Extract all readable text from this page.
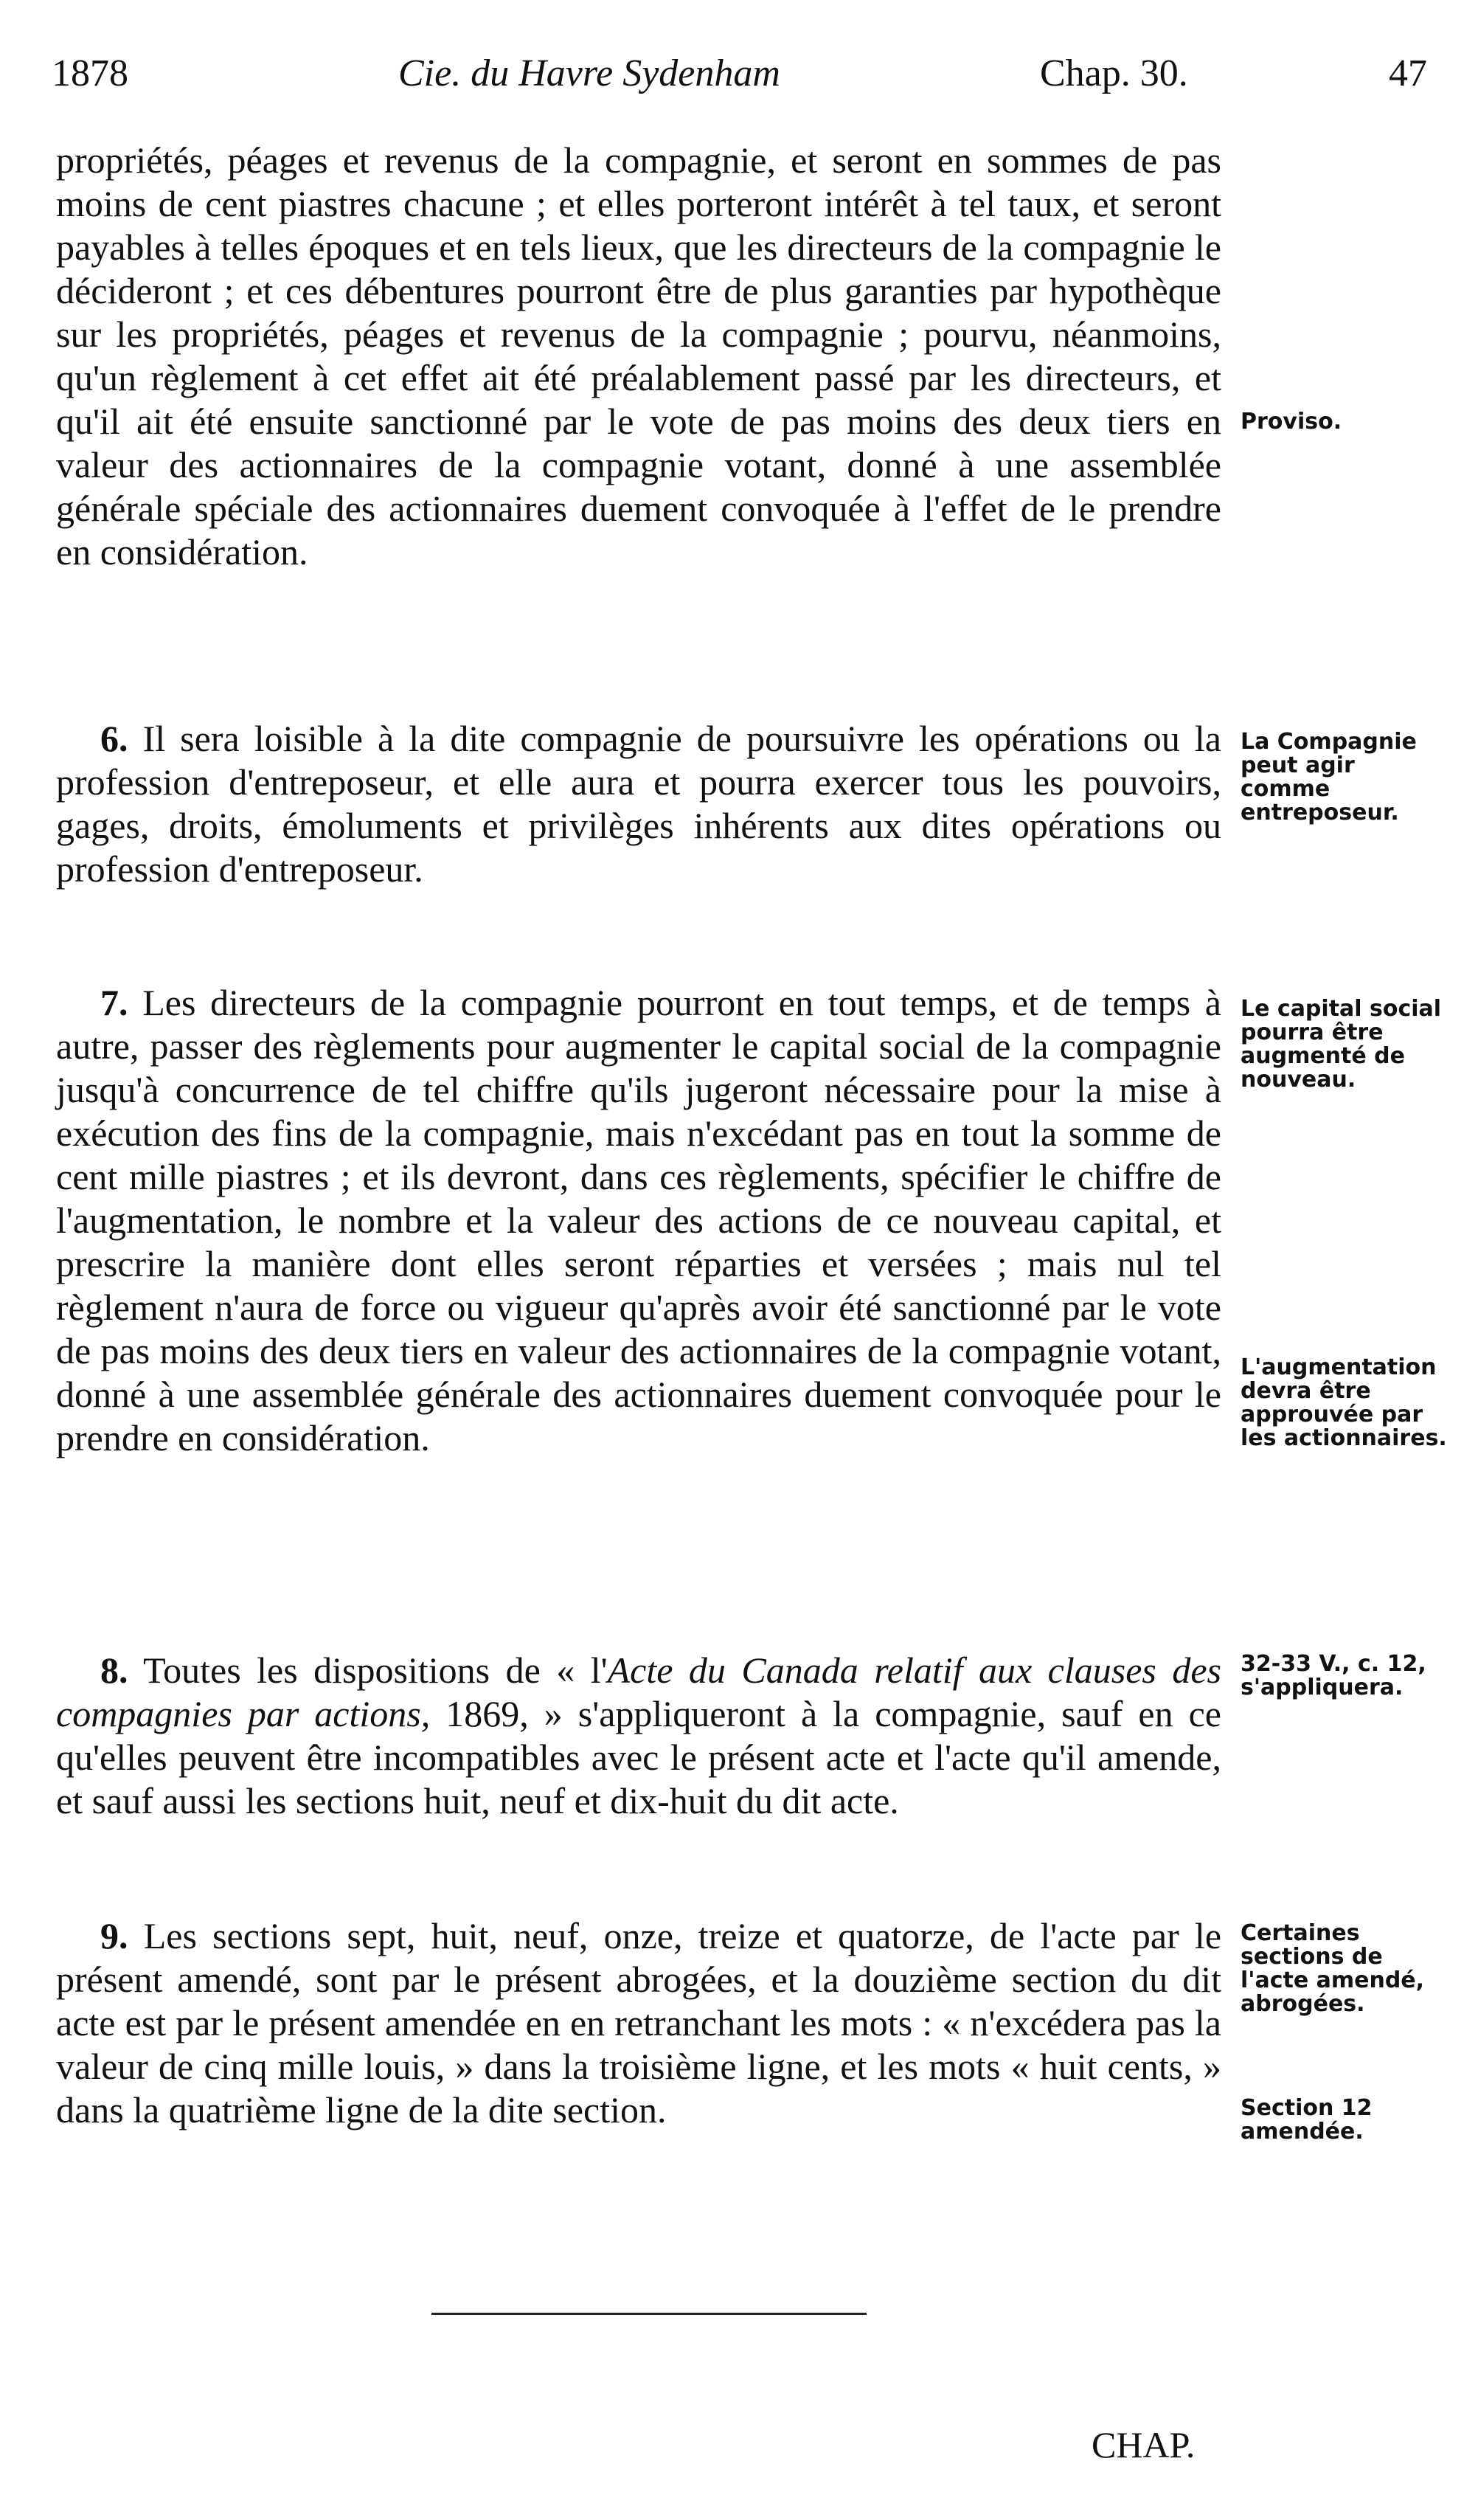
1878	Cie. du Havre Sydenham	Chap. 30.	47

propriétés, péages et revenus de la compagnie, et seront en sommes de pas moins de cent piastres chacune ; et elles porteront intérêt à tel taux, et seront payables à telles époques et en tels lieux, que les directeurs de la compagnie le décideront ; et ces débentures pourront être de plus garanties par hypothèque sur les propriétés, péages et revenus de la compagnie ; pourvu, néanmoins, qu'un règlement à cet effet ait été préalablement passé par les directeurs, et qu'il ait été ensuite sanctionné par le vote de pas moins des deux tiers en valeur des actionnaires de la compagnie votant, donné à une assemblée générale spéciale des actionnaires duement convoquée à l'effet de le prendre en considération.

6. Il sera loisible à la dite compagnie de poursuivre les opérations ou la profession d'entreposeur, et elle aura et pourra exercer tous les pouvoirs, gages, droits, émoluments et privilèges inhérents aux dites opérations ou profession d'entreposeur.

7. Les directeurs de la compagnie pourront en tout temps, et de temps à autre, passer des règlements pour augmenter le capital social de la compagnie jusqu'à concurrence de tel chiffre qu'ils jugeront nécessaire pour la mise à exécution des fins de la compagnie, mais n'excédant pas en tout la somme de cent mille piastres ; et ils devront, dans ces règlements, spécifier le chiffre de l'augmentation, le nombre et la valeur des actions de ce nouveau capital, et prescrire la manière dont elles seront réparties et versées ; mais nul tel règlement n'aura de force ou vigueur qu'après avoir été sanctionné par le vote de pas moins des deux tiers en valeur des actionnaires de la compagnie votant, donné à une assemblée générale des actionnaires duement convoquée pour le prendre en considération.

8. Toutes les dispositions de « l'Acte du Canada relatif aux clauses des compagnies par actions, 1869, » s'appliqueront à la compagnie, sauf en ce qu'elles peuvent être incompatibles avec le présent acte et l'acte qu'il amende, et sauf aussi les sections huit, neuf et dix-huit du dit acte.

9. Les sections sept, huit, neuf, onze, treize et quatorze, de l'acte par le présent amendé, sont par le présent abrogées, et la douzième section du dit acte est par le présent amendée en en retranchant les mots : « n'excédera pas la valeur de cinq mille louis, » dans la troisième ligne, et les mots « huit cents, » dans la quatrième ligne de la dite section.

Proviso.
La Compagnie peut agir comme entreposeur.
Le capital social pourra être augmenté de nouveau.
L'augmentation devra être approuvée par les actionnaires.
32-33 V., c. 12, s'appliquera.
Certaines sections de l'acte amendé, abrogées.
Section 12 amendée.
CHAP.
